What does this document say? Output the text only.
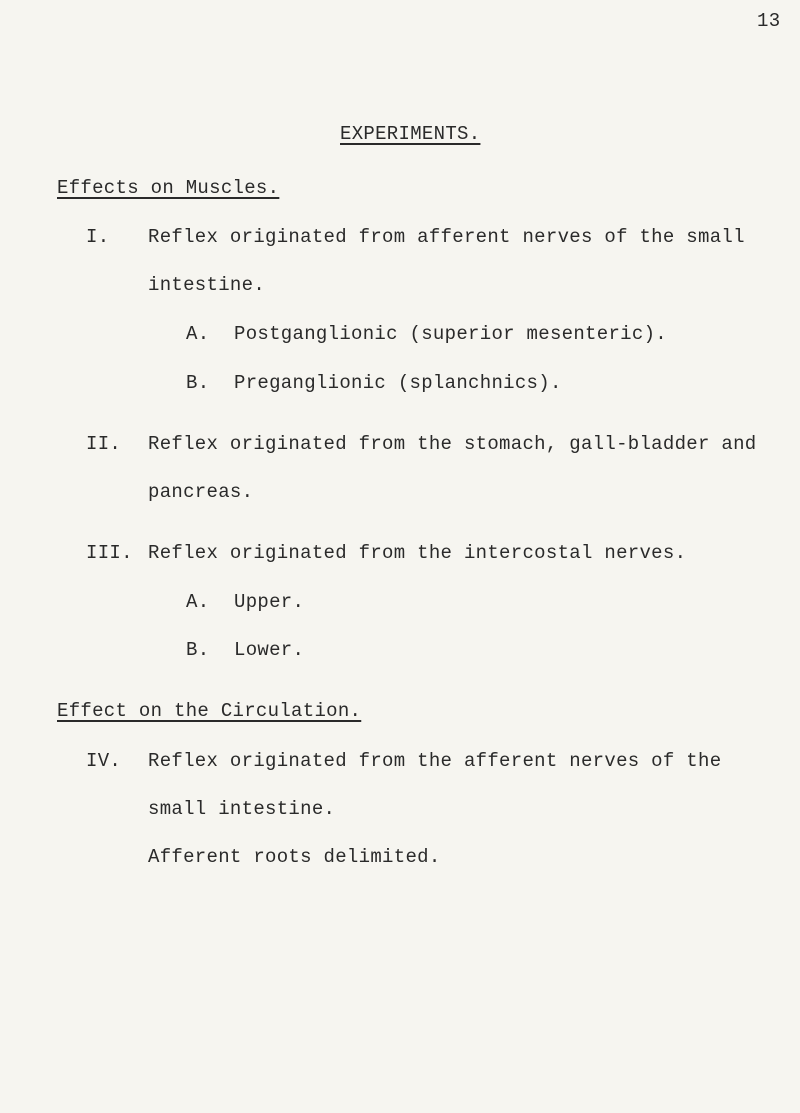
13
EXPERIMENTS.
Effects on Muscles.
I. Reflex originated from afferent nerves of the small
intestine.
A. Postganglionic (superior mesenteric).
B. Preganglionic (splanchnics).
II. Reflex originated from the stomach, gall-bladder and
pancreas.
III. Reflex originated from the intercostal nerves.
A. Upper.
B. Lower.
Effect on the Circulation.
IV. Reflex originated from the afferent nerves of the
small intestine.
Afferent roots delimited.
